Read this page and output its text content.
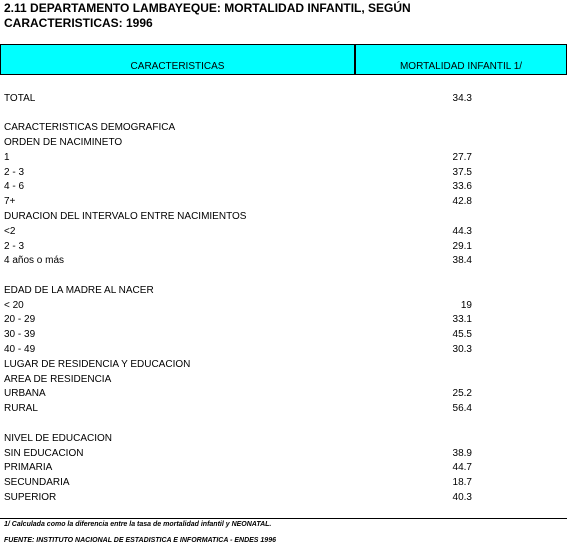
2.11 DEPARTAMENTO LAMBAYEQUE: MORTALIDAD INFANTIL, SEGÚN
CARACTERISTICAS: 1996
CARACTERISTICAS	MORTALIDAD INFANTIL 1/
TOTAL	34.3
CARACTERISTICAS DEMOGRAFICA
ORDEN DE NACIMINETO
1	27.7
2 - 3	37.5
4 - 6	33.6
7+	42.8
DURACION DEL INTERVALO ENTRE NACIMIENTOS
<2	44.3
2 - 3	29.1
4 años o más	38.4
EDAD DE LA MADRE AL NACER
< 20	19
20 - 29	33.1
30 - 39	45.5
40 - 49	30.3
LUGAR DE RESIDENCIA Y EDUCACION
AREA DE RESIDENCIA
URBANA	25.2
RURAL	56.4
NIVEL DE EDUCACION
SIN EDUCACION	38.9
PRIMARIA	44.7
SECUNDARIA	18.7
SUPERIOR	40.3
1/ Calculada como la diferencia entre la tasa de mortalidad infantil y NEONATAL.
FUENTE: INSTITUTO NACIONAL DE ESTADISTICA E INFORMATICA - ENDES 1996
